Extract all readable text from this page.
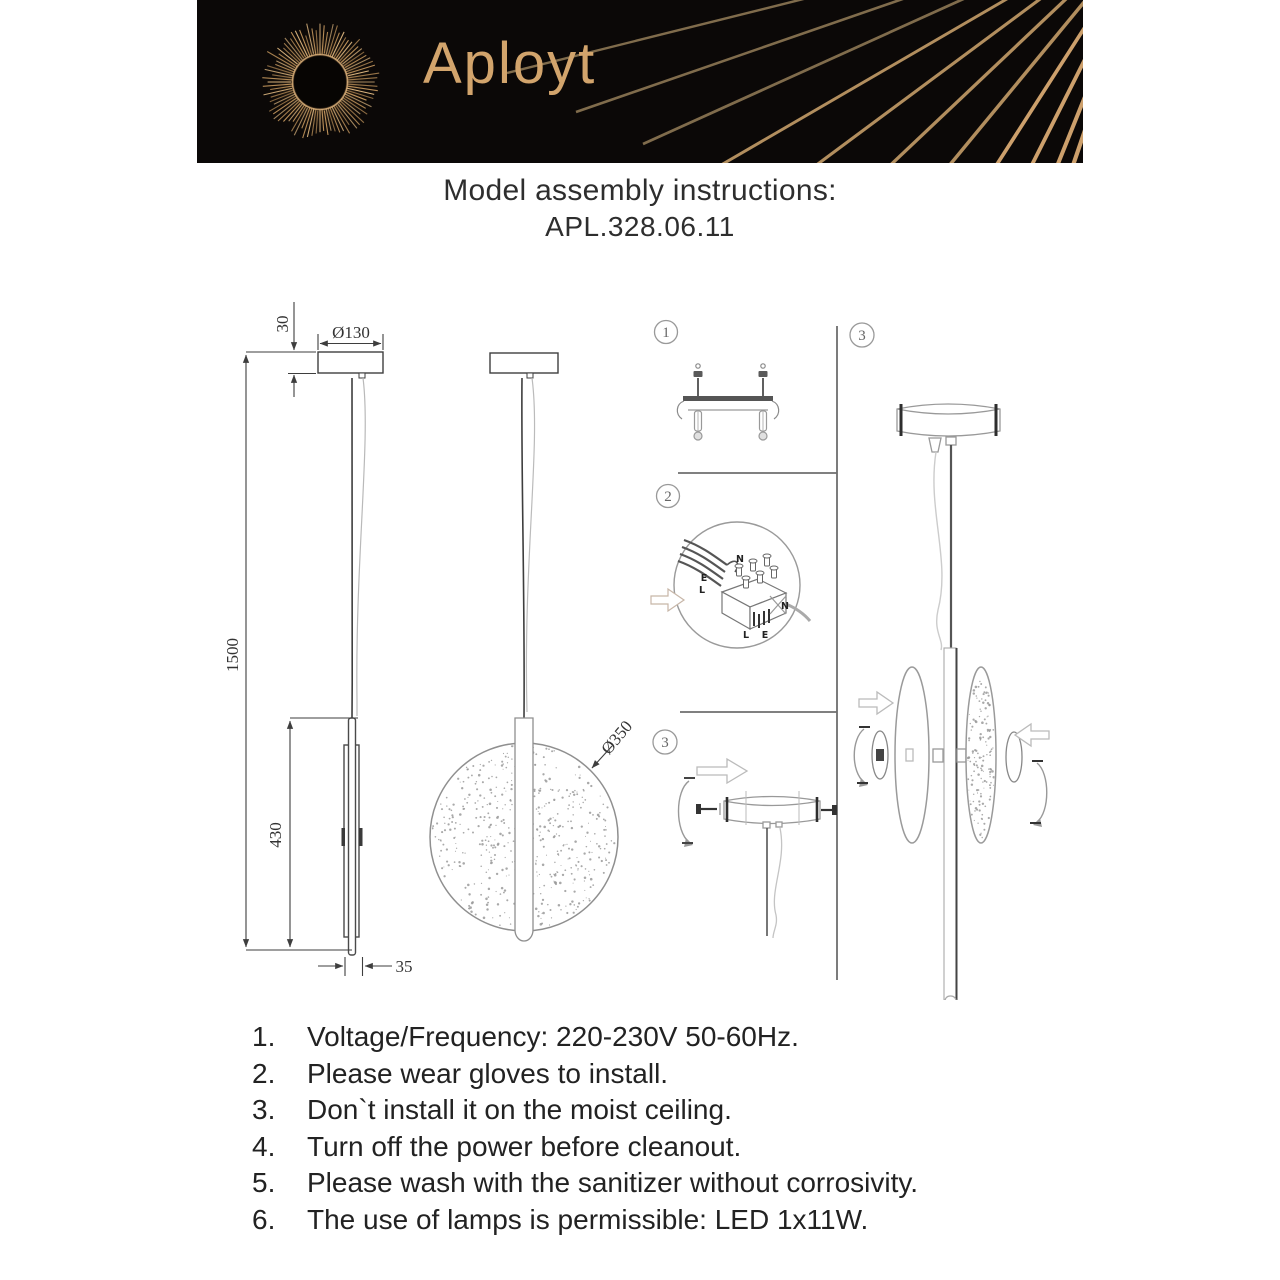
Aployt
Model assembly instructions:
APL.328.06.11
30 Ø130
1500
430
35
Ø350
1
2
3
3
N
E
L
L E
N
1.	Voltage/Frequency: 220-230V 50-60Hz.
2.	Please wear gloves to install.
3.	Don`t install it on the moist ceiling.
4.	Turn off the power before cleanout.
5.	Please wash with the sanitizer without corrosivity.
6.	The use of lamps is permissible: LED 1x11W.
